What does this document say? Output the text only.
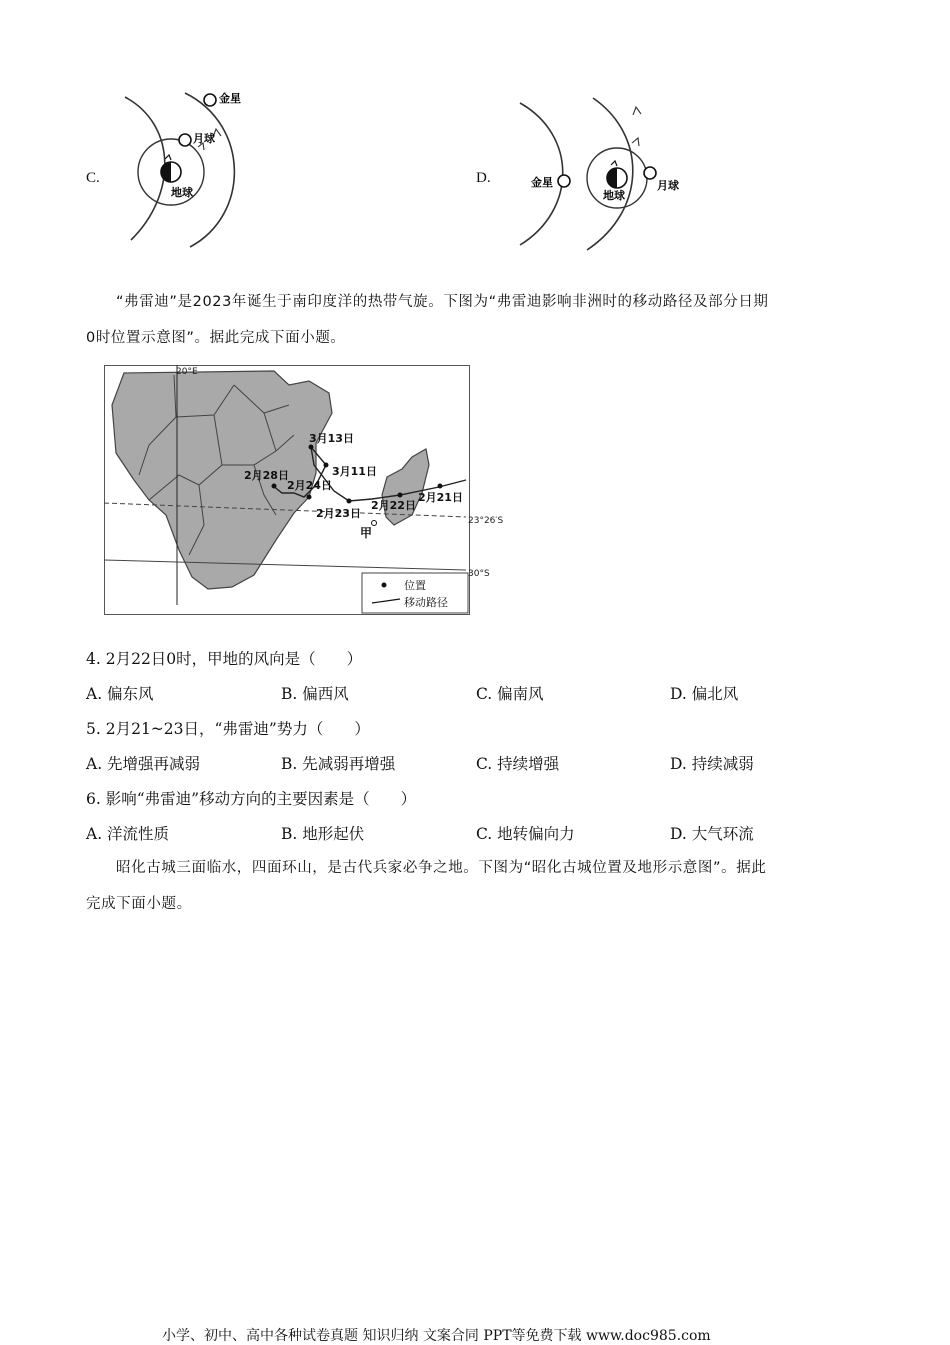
C.
金星
月球
地球
D.	金星	月球
地球
“弗雷迪”是2023年诞生于南印度洋的热带气旋。下图为“弗雷迪影响非洲时的移动路径及部分日期
0时位置示意图”。据此完成下面小题。
20°E
23°26′S
30°S
3月13日
3月11日
2月28日
2月24日
2月23日
2月22日
2月21日
甲
位置
移动路径
4. 2月22日0时，甲地的风向是（　　）
A. 偏东风	B. 偏西风	C. 偏南风	D. 偏北风
5. 2月21~23日，“弗雷迪”势力（　　）
A. 先增强再减弱	B. 先减弱再增强	C. 持续增强	D. 持续减弱
6. 影响“弗雷迪”移动方向的主要因素是（　　）
A. 洋流性质	B. 地形起伏	C. 地转偏向力	D. 大气环流
昭化古城三面临水，四面环山，是古代兵家必争之地。下图为“昭化古城位置及地形示意图”。据此
完成下面小题。
小学、初中、高中各种试卷真题 知识归纳 文案合同 PPT等免费下载 www.doc985.com
